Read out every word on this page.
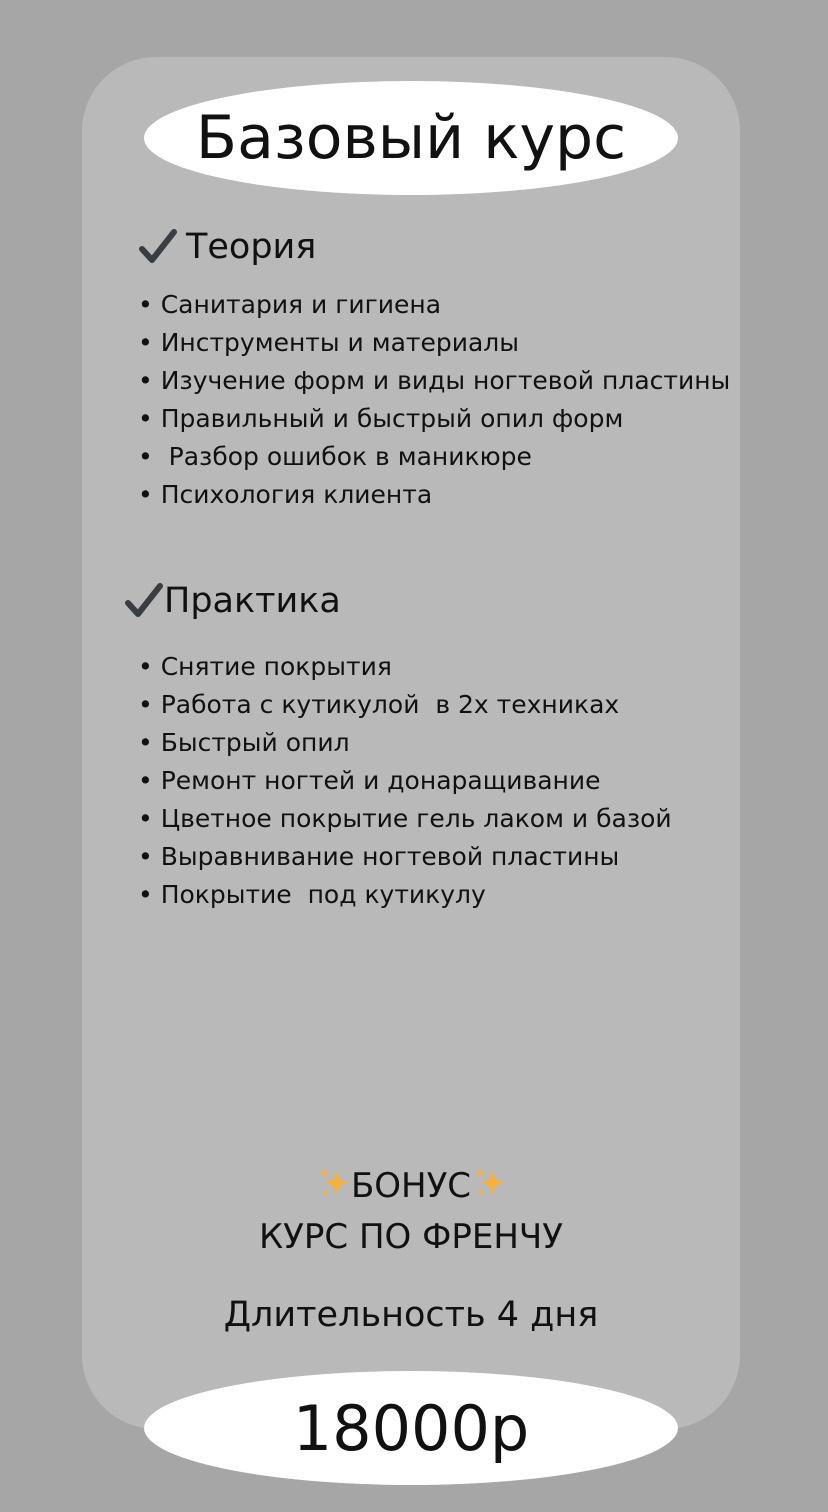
Базовый курс
Теория
• Санитария и гигиена
• Инструменты и материалы
• Изучение форм и виды ногтевой пластины
• Правильный и быстрый опил форм
•  Разбор ошибок в маникюре
• Психология клиента
Практика
• Снятие покрытия
• Работа с кутикулой  в 2х техниках
• Быстрый опил
• Ремонт ногтей и донаращивание
• Цветное покрытие гель лаком и базой
• Выравнивание ногтевой пластины
• Покрытие  под кутикулу
БОНУС
КУРС ПО ФРЕНЧУ
Длительность 4 дня
18000р
